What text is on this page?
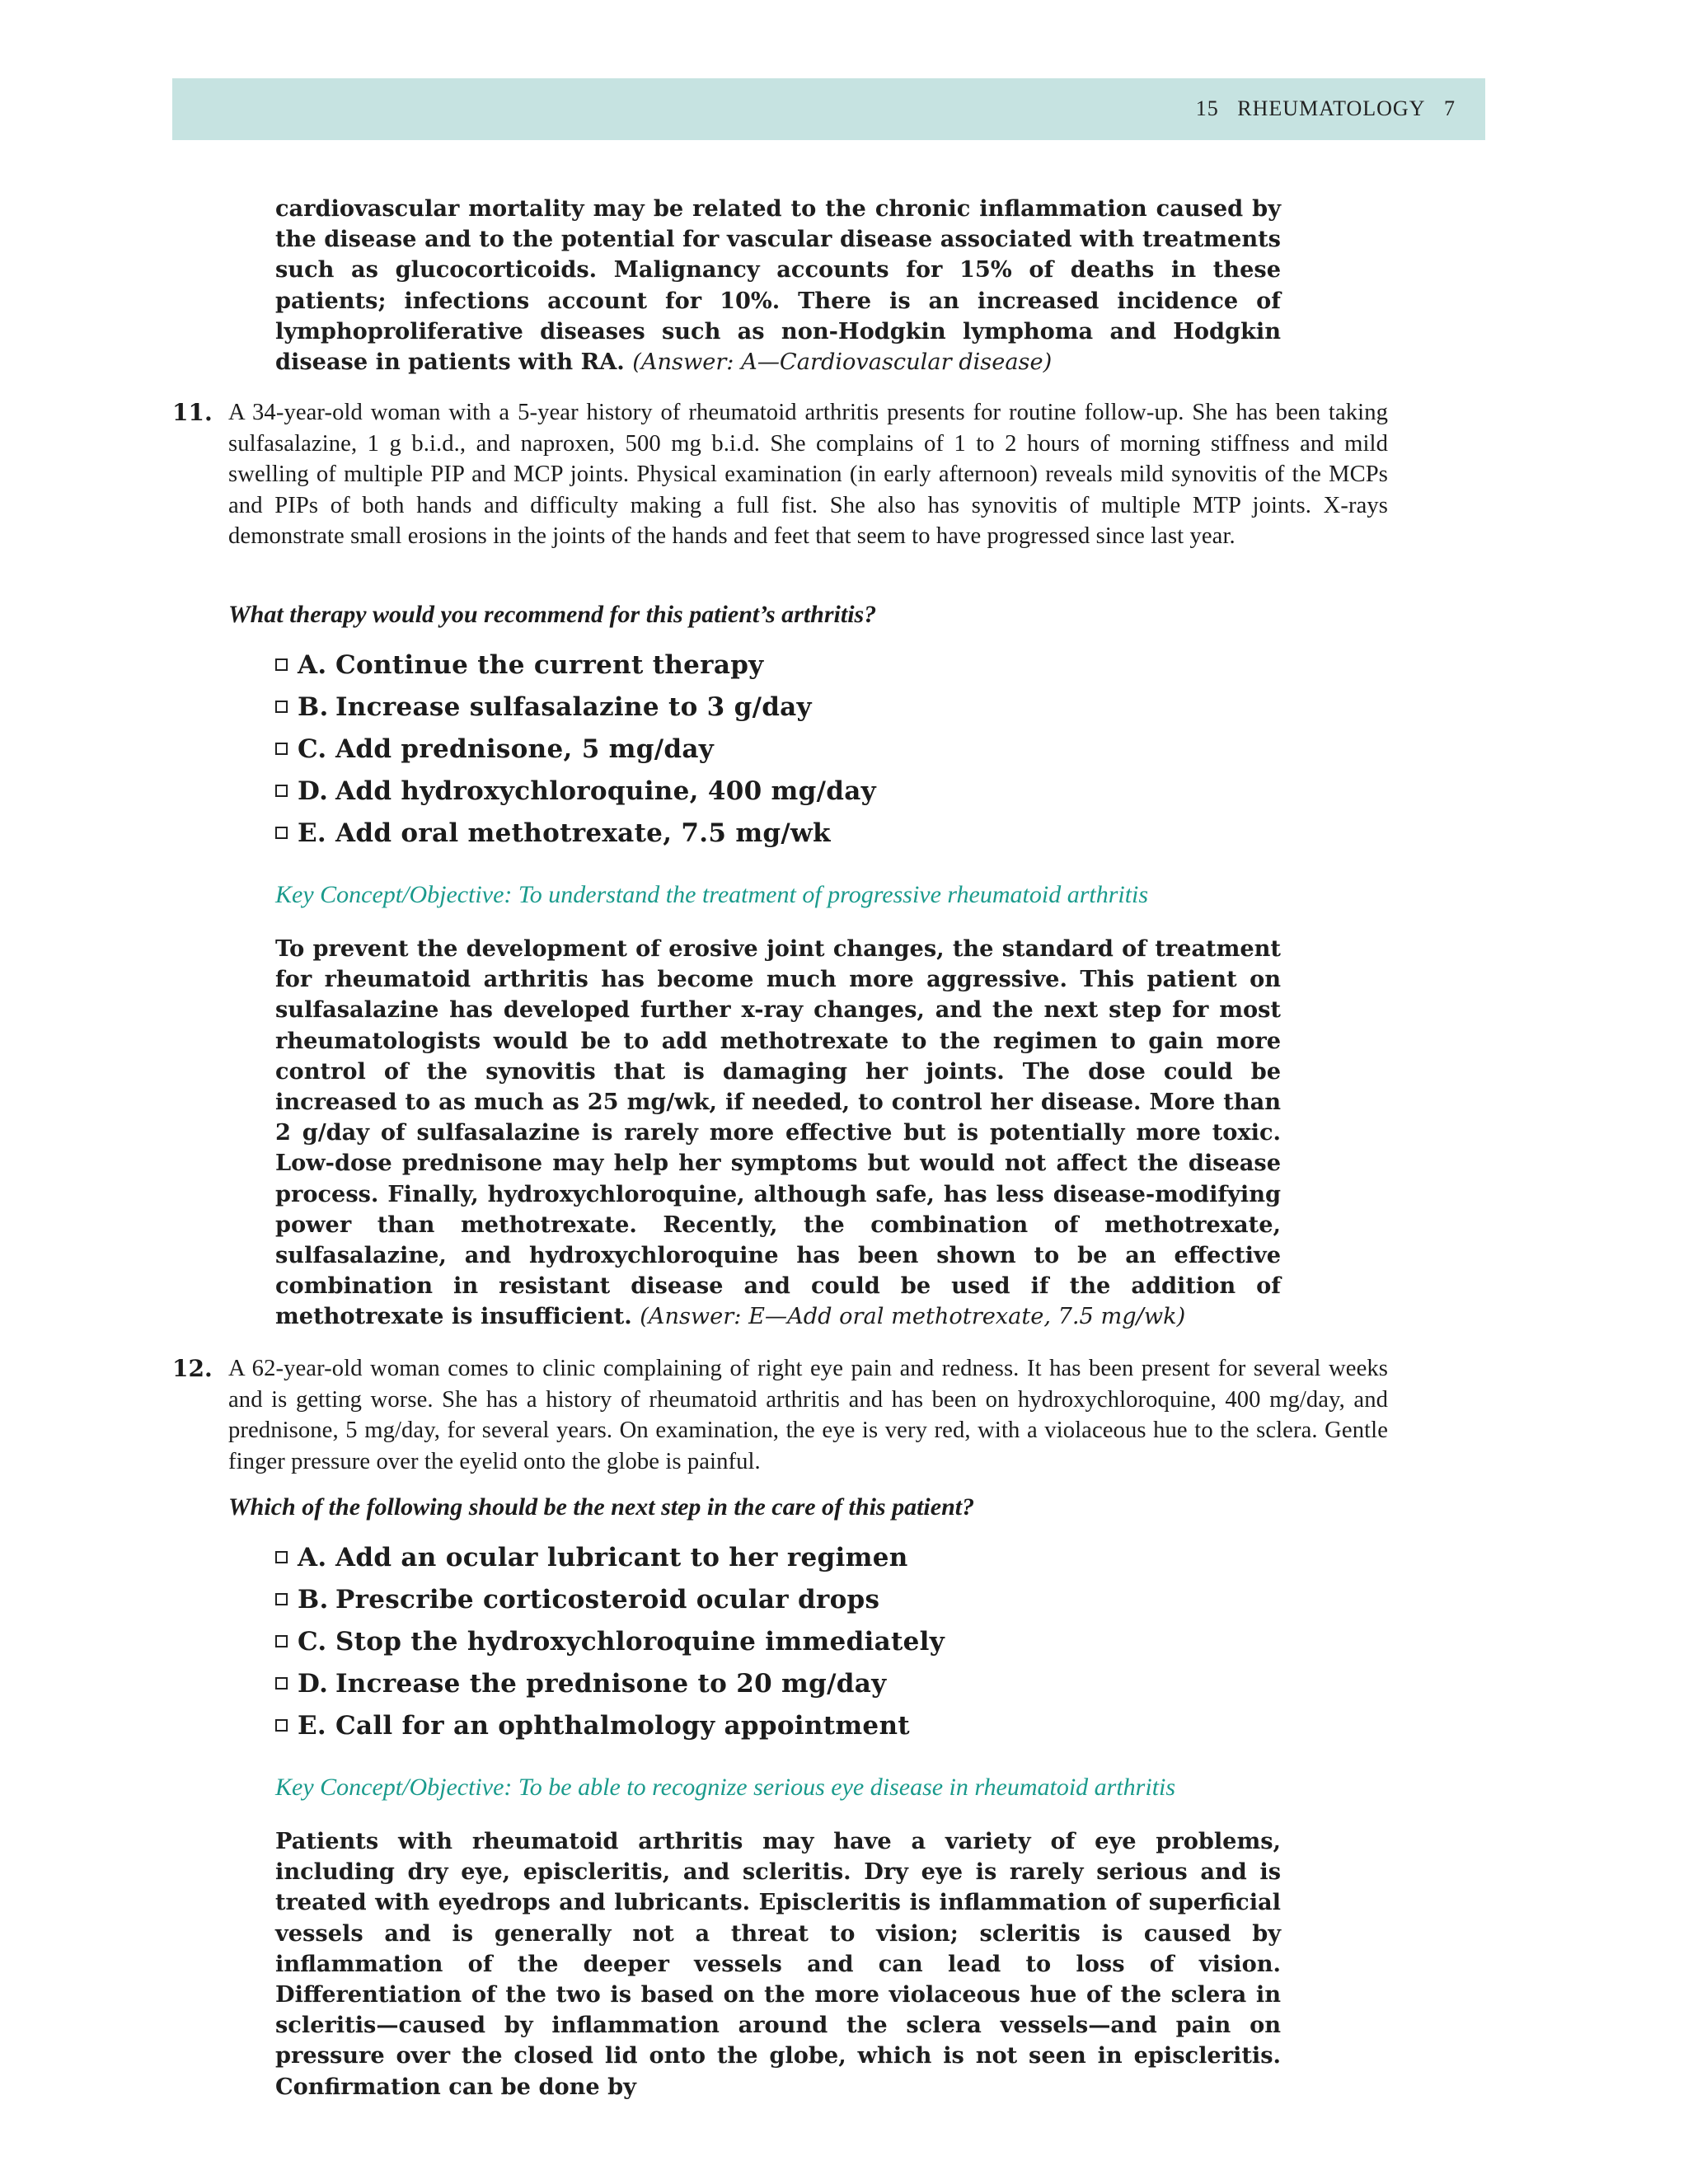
15 RHEUMATOLOGY 7
cardiovascular mortality may be related to the chronic inflammation caused by the disease and to the potential for vascular disease associated with treatments such as glucocorticoids. Malignancy accounts for 15% of deaths in these patients; infections account for 10%. There is an increased incidence of lymphoproliferative diseases such as non-Hodgkin lymphoma and Hodgkin disease in patients with RA. (Answer: A—Cardiovascular disease)
11. A 34-year-old woman with a 5-year history of rheumatoid arthritis presents for routine follow-up. She has been taking sulfasalazine, 1 g b.i.d., and naproxen, 500 mg b.i.d. She complains of 1 to 2 hours of morning stiffness and mild swelling of multiple PIP and MCP joints. Physical examination (in early afternoon) reveals mild synovitis of the MCPs and PIPs of both hands and difficulty making a full fist. She also has synovitis of multiple MTP joints. X-rays demonstrate small erosions in the joints of the hands and feet that seem to have progressed since last year.
What therapy would you recommend for this patient’s arthritis?
A. Continue the current therapy
B. Increase sulfasalazine to 3 g/day
C. Add prednisone, 5 mg/day
D. Add hydroxychloroquine, 400 mg/day
E. Add oral methotrexate, 7.5 mg/wk
Key Concept/Objective: To understand the treatment of progressive rheumatoid arthritis
To prevent the development of erosive joint changes, the standard of treatment for rheumatoid arthritis has become much more aggressive. This patient on sulfasalazine has developed further x-ray changes, and the next step for most rheumatologists would be to add methotrexate to the regimen to gain more control of the synovitis that is damaging her joints. The dose could be increased to as much as 25 mg/wk, if needed, to control her disease. More than 2 g/day of sulfasalazine is rarely more effective but is potentially more toxic. Low-dose prednisone may help her symptoms but would not affect the disease process. Finally, hydroxychloroquine, although safe, has less disease-modifying power than methotrexate. Recently, the combination of methotrexate, sulfasalazine, and hydroxychloroquine has been shown to be an effective combination in resistant disease and could be used if the addition of methotrexate is insufficient. (Answer: E—Add oral methotrexate, 7.5 mg/wk)
12. A 62-year-old woman comes to clinic complaining of right eye pain and redness. It has been present for several weeks and is getting worse. She has a history of rheumatoid arthritis and has been on hydroxychloroquine, 400 mg/day, and prednisone, 5 mg/day, for several years. On examination, the eye is very red, with a violaceous hue to the sclera. Gentle finger pressure over the eyelid onto the globe is painful.
Which of the following should be the next step in the care of this patient?
A. Add an ocular lubricant to her regimen
B. Prescribe corticosteroid ocular drops
C. Stop the hydroxychloroquine immediately
D. Increase the prednisone to 20 mg/day
E. Call for an ophthalmology appointment
Key Concept/Objective: To be able to recognize serious eye disease in rheumatoid arthritis
Patients with rheumatoid arthritis may have a variety of eye problems, including dry eye, episcleritis, and scleritis. Dry eye is rarely serious and is treated with eyedrops and lubricants. Episcleritis is inflammation of superficial vessels and is generally not a threat to vision; scleritis is caused by inflammation of the deeper vessels and can lead to loss of vision. Differentiation of the two is based on the more violaceous hue of the sclera in scleritis—caused by inflammation around the sclera vessels—and pain on pressure over the closed lid onto the globe, which is not seen in episcleritis. Confirmation can be done by
